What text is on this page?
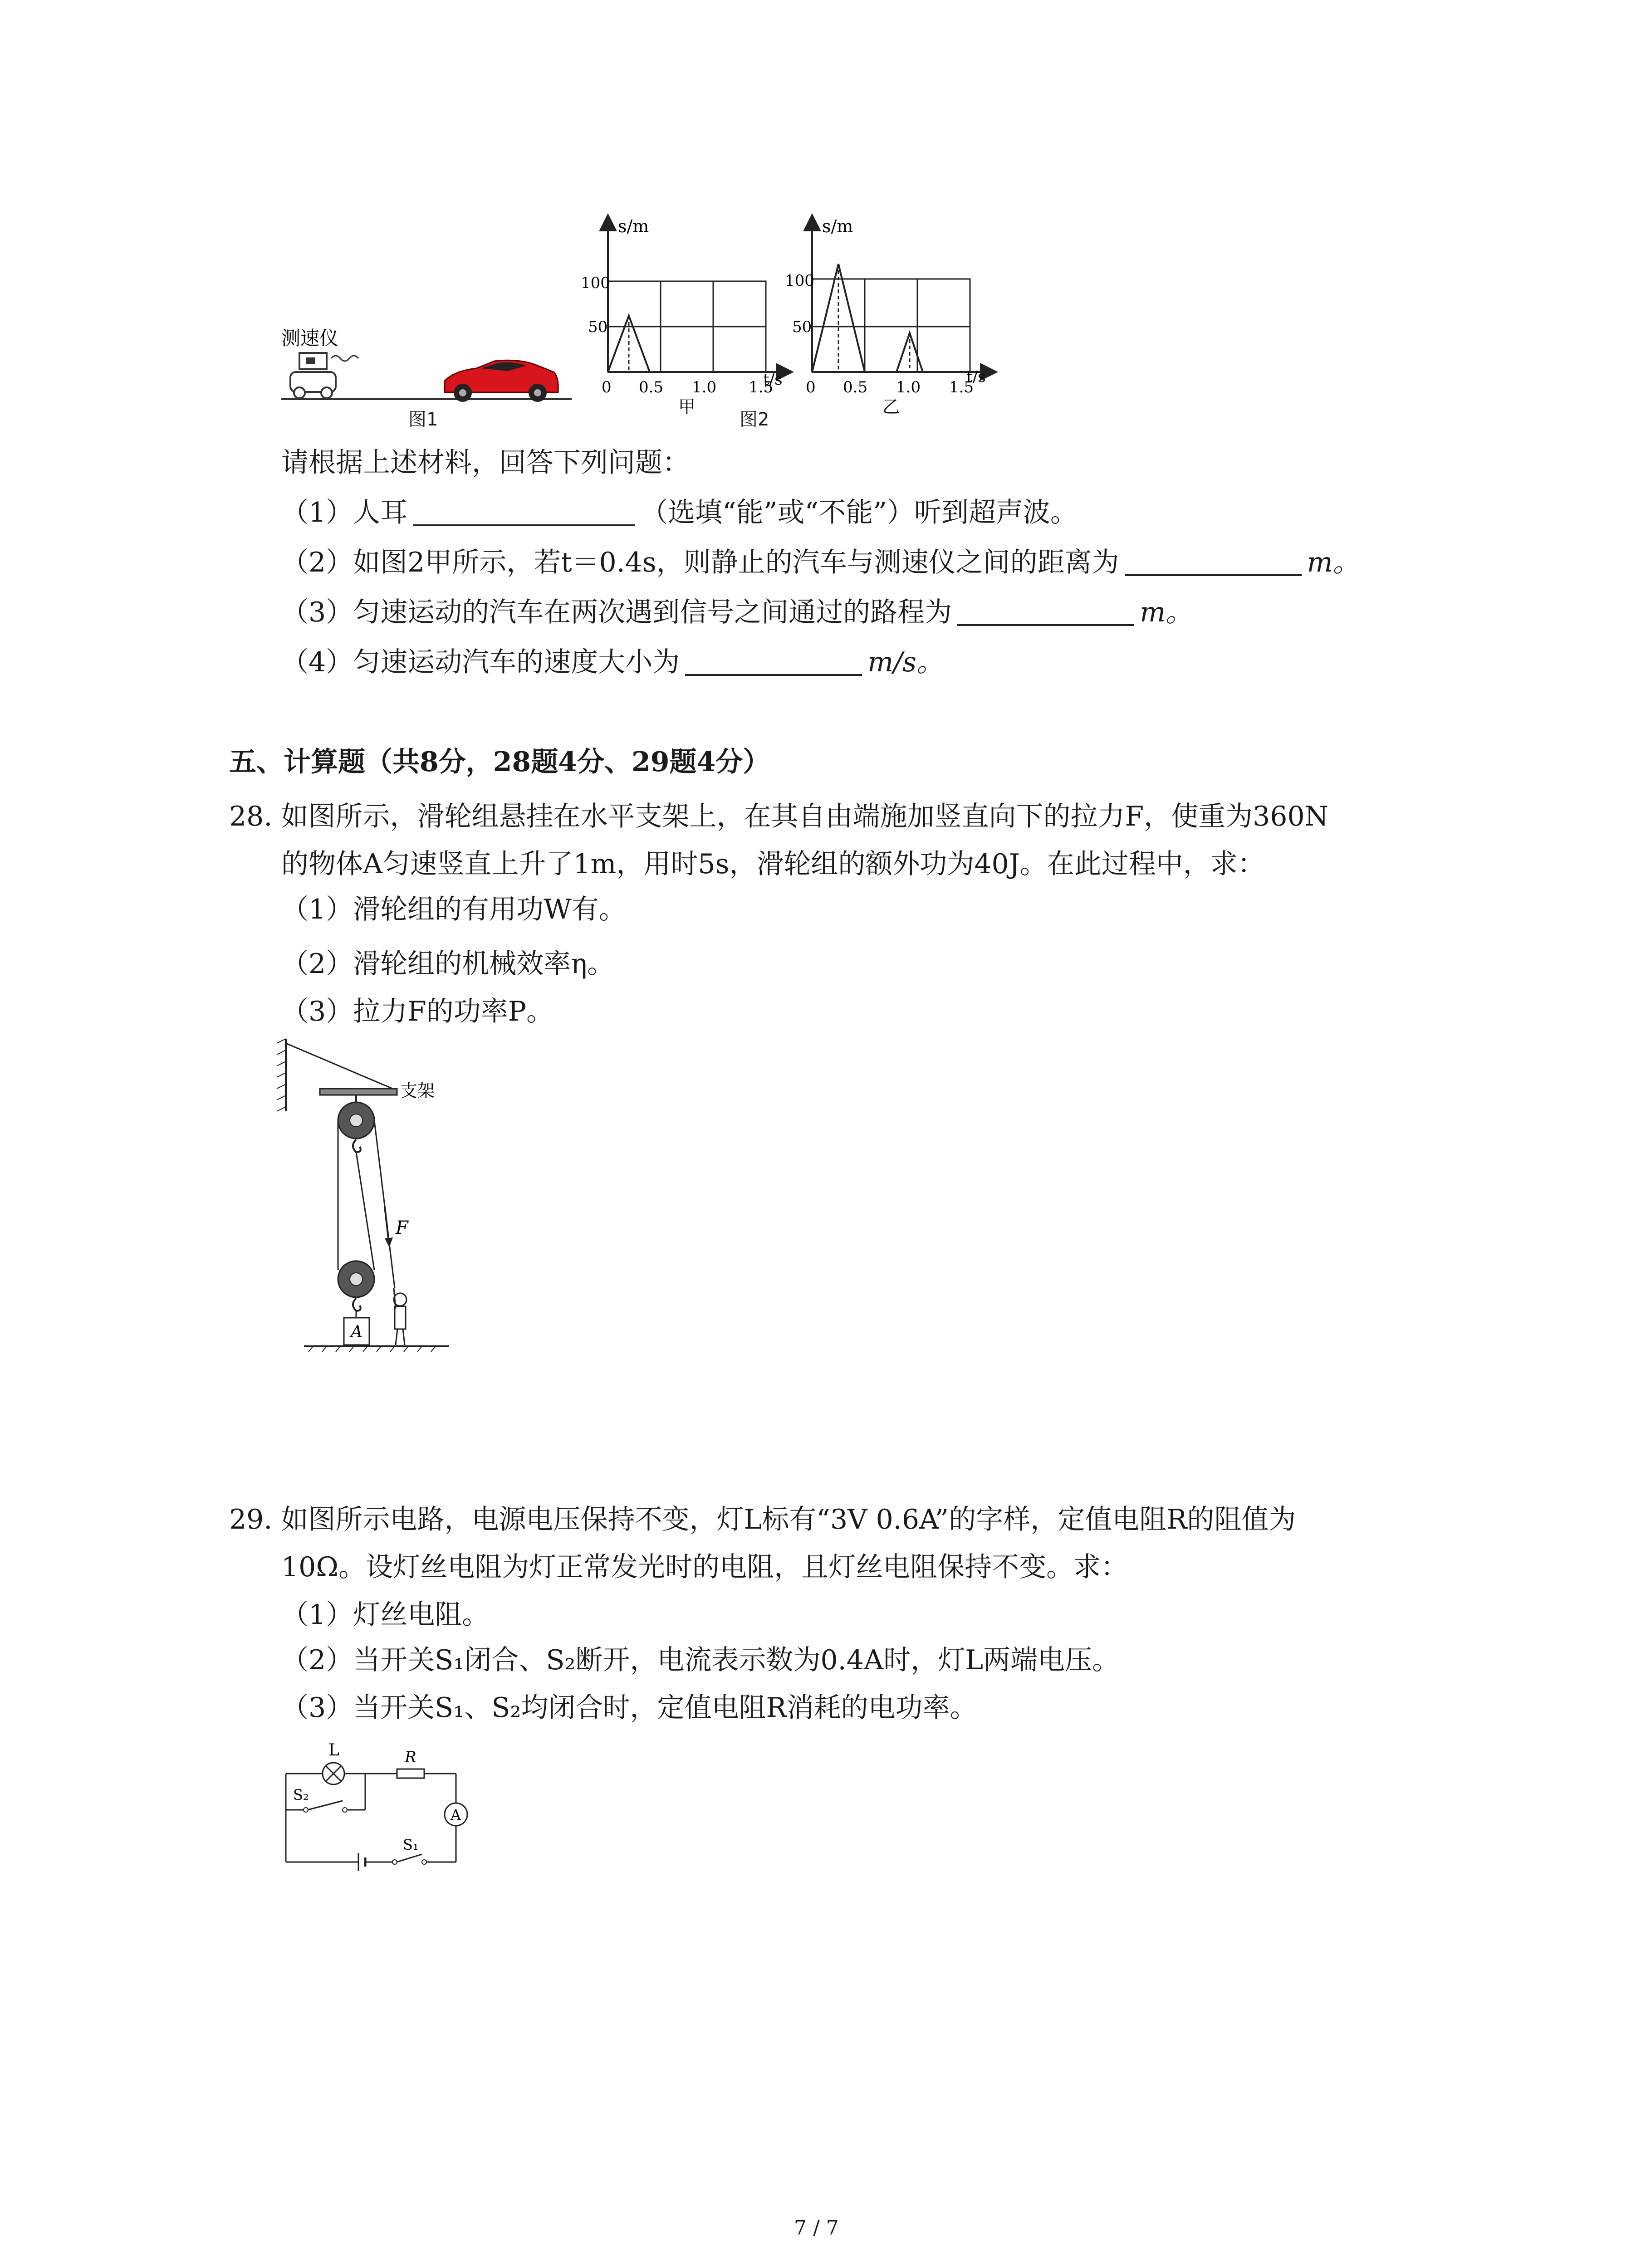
测速仪
图1
s/m
100
50
0 0.5 1.0 1.5
t/s
甲
图2
s/m
100
50
0 0.5 1.0 1.5
t/s
乙
请根据上述材料，回答下列问题：
（1）人耳	（选填“能”或“不能”）听到超声波。
（2）如图2甲所示，若t＝0.4s，则静止的汽车与测速仪之间的距离为	m。
（3）匀速运动的汽车在两次遇到信号之间通过的路程为	m。
（4）匀速运动汽车的速度大小为	m/s。
五、计算题（共8分，28题4分、29题4分）
28. 如图所示，滑轮组悬挂在水平支架上，在其自由端施加竖直向下的拉力F，使重为360N
的物体A匀速竖直上升了1m，用时5s，滑轮组的额外功为40J。在此过程中，求：
（1）滑轮组的有用功W有。
（2）滑轮组的机械效率η。
（3）拉力F的功率P。
支架
F
A
29. 如图所示电路，电源电压保持不变，灯L标有“3V 0.6A”的字样，定值电阻R的阻值为
10Ω。设灯丝电阻为灯正常发光时的电阻，且灯丝电阻保持不变。求：
（1）灯丝电阻。
（2）当开关S₁闭合、S₂断开，电流表示数为0.4A时，灯L两端电压。
（3）当开关S₁、S₂均闭合时，定值电阻R消耗的电功率。
L	R
S₂
A
S₁
7 / 7
